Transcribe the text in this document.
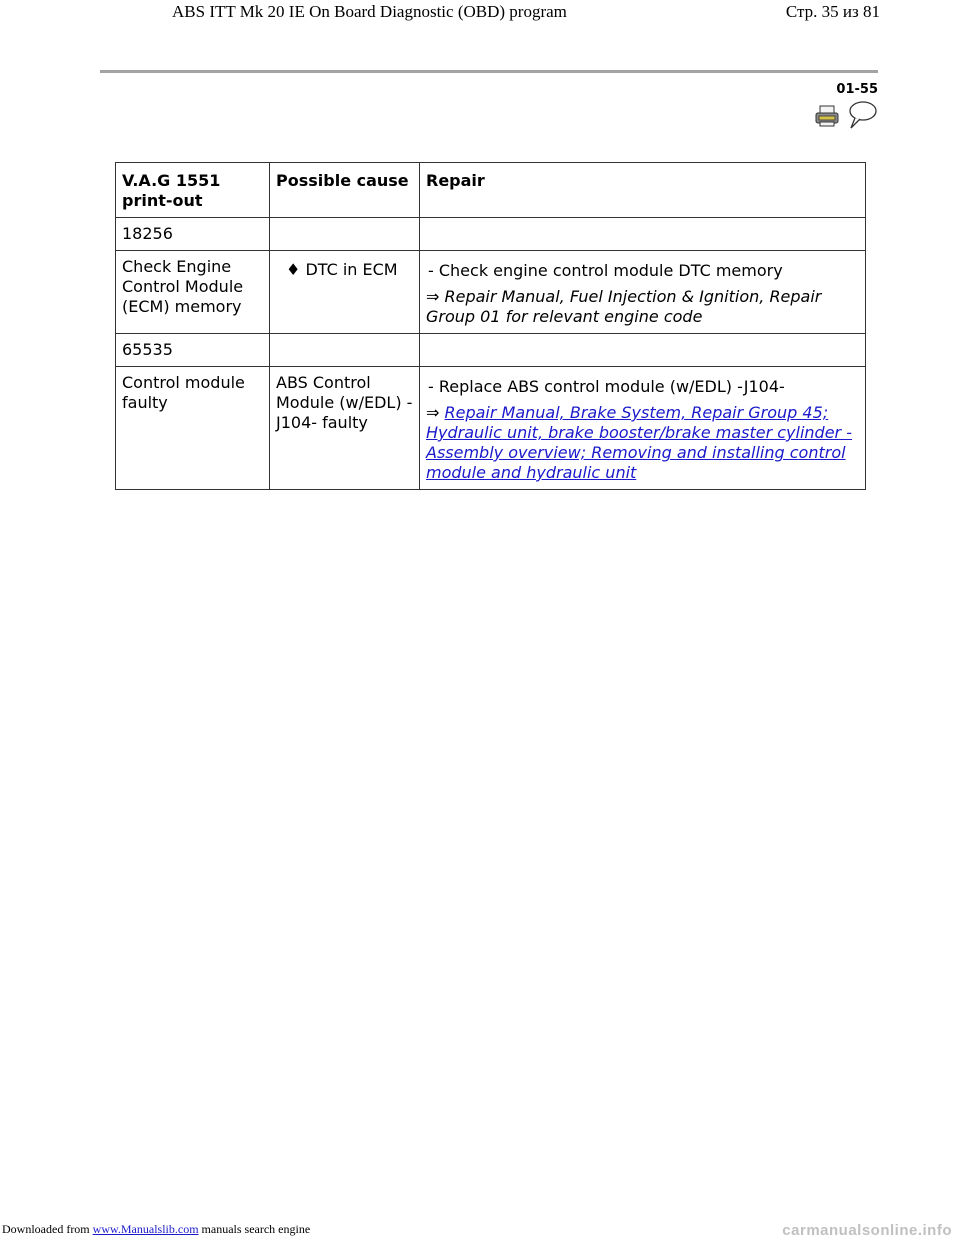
ABS ITT Mk 20 IE On Board Diagnostic (OBD) program	Стр. 35 из 81
01-55
V.A.G 1551 print-out	Possible cause	Repair
18256		
Check Engine Control Module (ECM) memory	♦ DTC in ECM	- Check engine control module DTC memory
⇒ Repair Manual, Fuel Injection & Ignition, Repair Group 01 for relevant engine code

65535		
Control module faulty	ABS Control Module (w/EDL) -J104- faulty	- Replace ABS control module (w/EDL) -J104-
⇒ Repair Manual, Brake System, Repair Group 45; Hydraulic unit, brake booster/brake master cylinder - Assembly overview; Removing and installing control module and hydraulic unit
Downloaded from www.Manualslib.com manuals search engine	carmanualsonline.info
